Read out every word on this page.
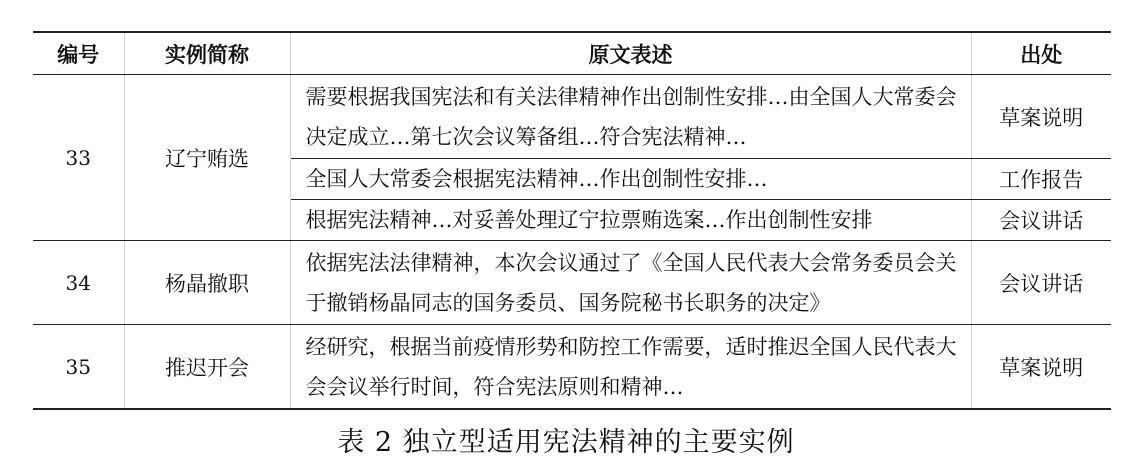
编号	实例简称	原文表述	出处
33	辽宁贿选	需要根据我国宪法和有关法律精神作出创制性安排…由全国人大常委会决定成立…第七次会议筹备组…符合宪法精神…	草案说明
		全国人大常委会根据宪法精神…作出创制性安排…	工作报告
		根据宪法精神…对妥善处理辽宁拉票贿选案…作出创制性安排	会议讲话
34	杨晶撤职	依据宪法法律精神，本次会议通过了《全国人民代表大会常务委员会关于撤销杨晶同志的国务委员、国务院秘书长职务的决定》	会议讲话
35	推迟开会	经研究，根据当前疫情形势和防控工作需要，适时推迟全国人民代表大会会议举行时间，符合宪法原则和精神…	草案说明
表 2 独立型适用宪法精神的主要实例
